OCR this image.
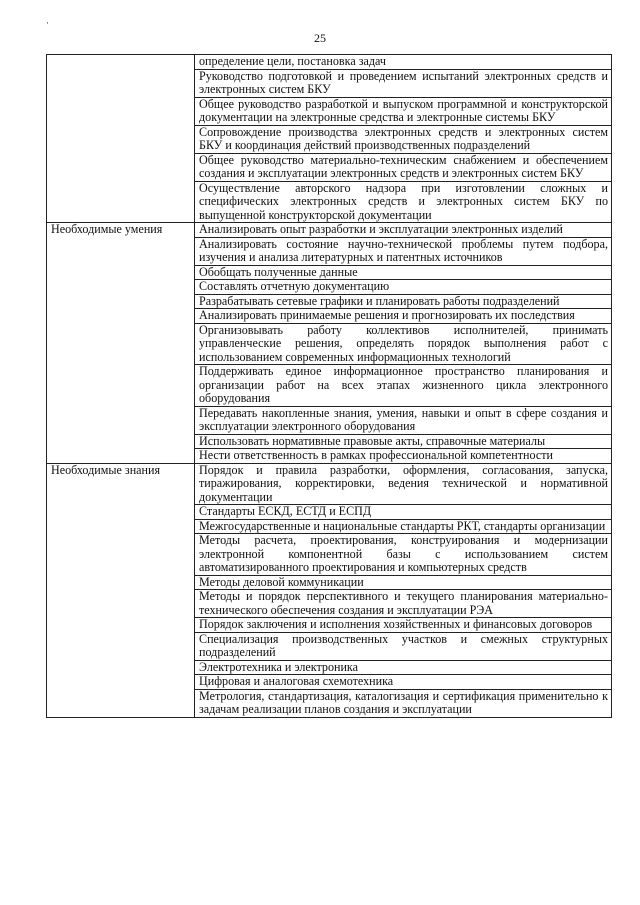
·
25
	определение цели, постановка задач
	Руководство подготовкой и проведением испытаний электронных средств и электронных систем БКУ
	Общее руководство разработкой и выпуском программной и конструкторской документации на электронные средства и электронные системы БКУ
	Сопровождение производства электронных средств и электронных систем БКУ и координация действий производственных подразделений
	Общее руководство материально-техническим снабжением и обеспечением создания и эксплуатации электронных средств и электронных систем БКУ
	Осуществление авторского надзора при изготовлении сложных и специфических электронных средств и электронных систем БКУ по выпущенной конструкторской документации
Необходимые умения	Анализировать опыт разработки и эксплуатации электронных изделий
	Анализировать состояние научно-технической проблемы путем подбора, изучения и анализа литературных и патентных источников
	Обобщать полученные данные
	Составлять отчетную документацию
	Разрабатывать сетевые графики и планировать работы подразделений
	Анализировать принимаемые решения и прогнозировать их последствия
	Организовывать работу коллективов исполнителей, принимать управленческие решения, определять порядок выполнения работ с использованием современных информационных технологий
	Поддерживать единое информационное пространство планирования и организации работ на всех этапах жизненного цикла электронного оборудования
	Передавать накопленные знания, умения, навыки и опыт в сфере создания и эксплуатации электронного оборудования
	Использовать нормативные правовые акты, справочные материалы
	Нести ответственность в рамках профессиональной компетентности
Необходимые знания	Порядок и правила разработки, оформления, согласования, запуска, тиражирования, корректировки, ведения технической и нормативной документации
	Стандарты ЕСКД, ЕСТД и ЕСПД
	Межгосударственные и национальные стандарты РКТ, стандарты организации
	Методы расчета, проектирования, конструирования и модернизации электронной компонентной базы с использованием систем автоматизированного проектирования и компьютерных средств
	Методы деловой коммуникации
	Методы и порядок перспективного и текущего планирования материально-технического обеспечения создания и эксплуатации РЭА
	Порядок заключения и исполнения хозяйственных и финансовых договоров
	Специализация производственных участков и смежных структурных подразделений
	Электротехника и электроника
	Цифровая и аналоговая схемотехника
	Метрология, стандартизация, каталогизация и сертификация применительно к задачам реализации планов создания и эксплуатации
